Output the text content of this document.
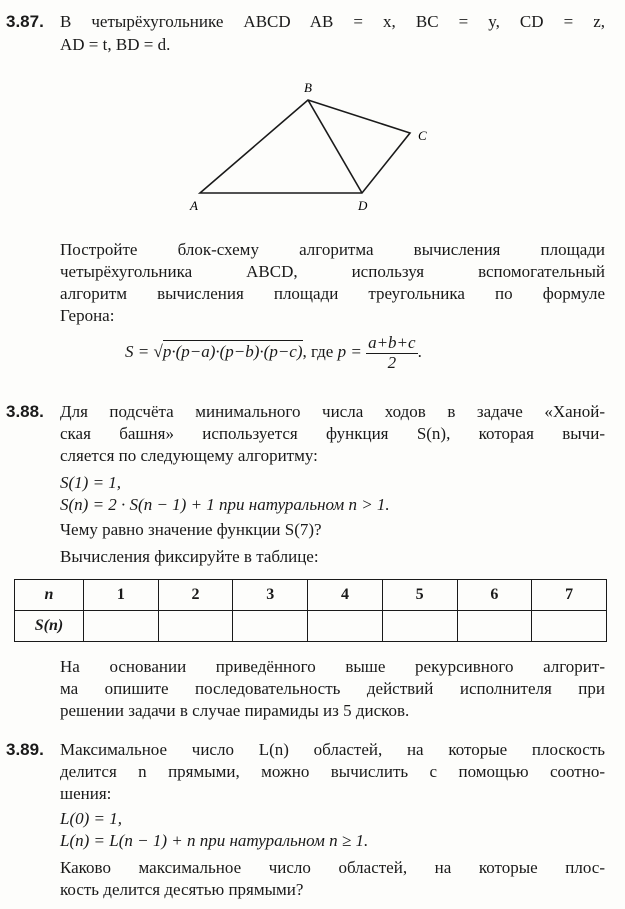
3.87. В четырёхугольнике ABCD AB = x, BC = y, CD = z,
AD = t, BD = d.
A
B
C
D
Постройте блок-схему алгоритма вычисления площади
четырёхугольника ABCD, используя вспомогательный
алгоритм вычисления площади треугольника по формуле
Герона:
S = √p·(p−a)·(p−b)·(p−c), где $p = \frac{a+b+c}{2}$ .
3.88. Для подсчёта минимального числа ходов в задаче «Ханой-
ская башня» используется функция S(n), которая вычи-
сляется по следующему алгоритму:
S(1) = 1,
S(n) = 2 · S(n − 1) + 1 при натуральном n > 1.
Чему равно значение функции S(7)?
Вычисления фиксируйте в таблице:
n	1	2	3	4	5	6	7
S(n)							
На основании приведённого выше рекурсивного алгорит-
ма опишите последовательность действий исполнителя при
решении задачи в случае пирамиды из 5 дисков.
3.89. Максимальное число L(n) областей, на которые плоскость
делится n прямыми, можно вычислить с помощью соотно-
шения:
L(0) = 1,
L(n) = L(n − 1) + n при натуральном n ≥ 1.
Каково максимальное число областей, на которые плос-
кость делится десятью прямыми?
